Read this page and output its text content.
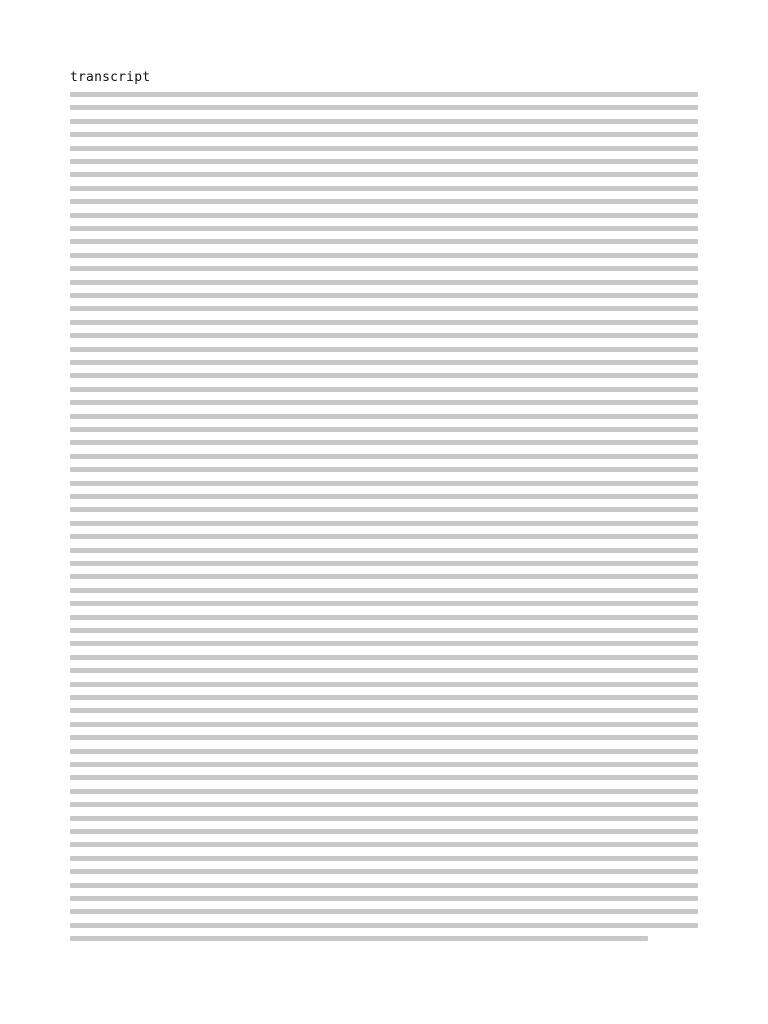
transcript
